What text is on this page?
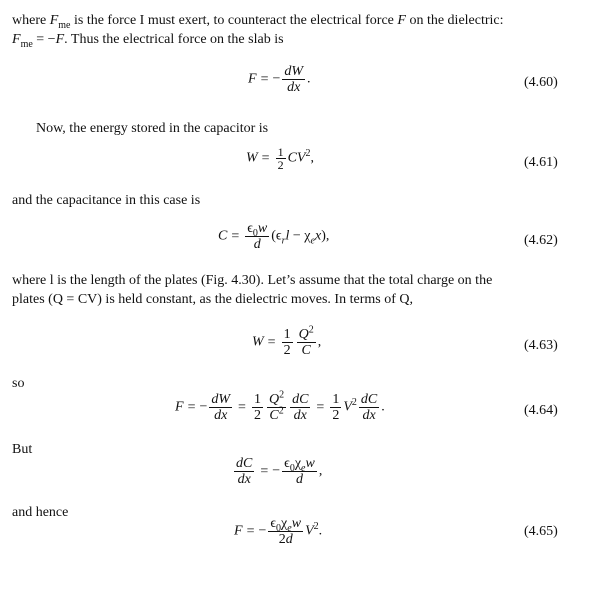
where $F_{me}$ is the force I must exert, to counteract the electrical force F on the dielectric:
$F_{me} = -F$. Thus the electrical force on the slab is
F = − $\frac{dW}{dx}$ .	(4.60)
Now, the energy stored in the capacitor is
$W = \frac{1}{2} CV^2$,	(4.61)
and the capacitance in this case is
$C = \frac{\epsilon_0w}{d} (\epsilon_rl - \chi_ex)$,	(4.62)
where l is the length of the plates (Fig. 4.30). Let’s assume that the total charge on the
plates (Q = CV) is held constant, as the dielectric moves. In terms of Q,
$W = \frac{1}{2} \frac{Q^2}{C}$ ,	(4.63)
so
F = − $\frac{dW}{dx} = \frac{1}{2} \frac{Q^2}{C^2} \frac{dC}{dx} = \frac{1}{2} V^2 \frac{dC}{dx}$ .	(4.64)
But
$\frac{dC}{dx}$ = − $\frac{\epsilon_0\chi_ew}{d}$ ,
and hence
F = − $\frac{\epsilon_0\chi_ew}{2d} V^2$.	(4.65)
